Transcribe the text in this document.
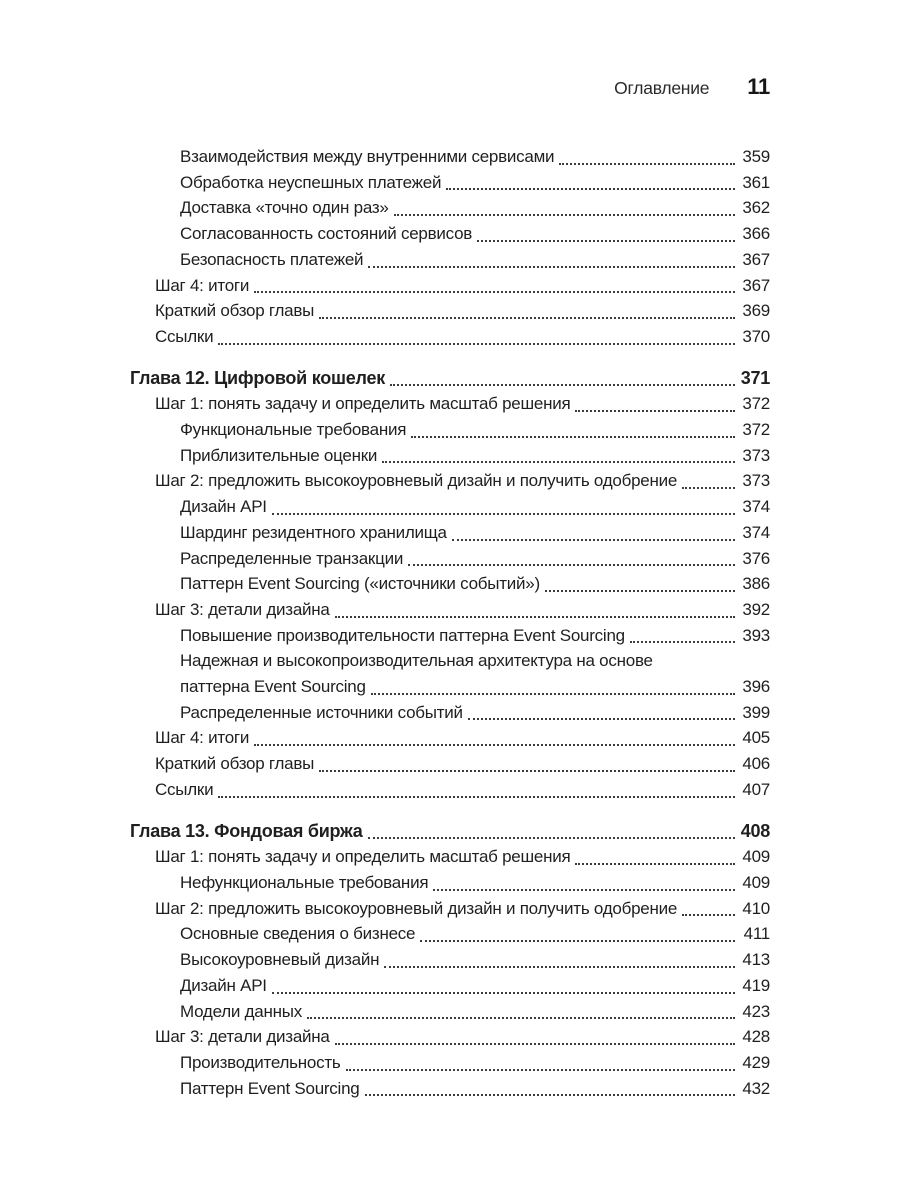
Оглавление 11
Взаимодействия между внутренними сервисами	359
Обработка неуспешных платежей	361
Доставка «точно один раз»	362
Согласованность состояний сервисов	366
Безопасность платежей	367
Шаг 4: итоги	367
Краткий обзор главы	369
Ссылки	370
Глава 12. Цифровой кошелек	371
Шаг 1: понять задачу и определить масштаб решения	372
Функциональные требования	372
Приблизительные оценки	373
Шаг 2: предложить высокоуровневый дизайн и получить одобрение	373
Дизайн API	374
Шардинг резидентного хранилища	374
Распределенные транзакции	376
Паттерн Event Sourcing («источники событий»)	386
Шаг 3: детали дизайна	392
Повышение производительности паттерна Event Sourcing	393
Надежная и высокопроизводительная архитектура на основе
паттерна Event Sourcing	396
Распределенные источники событий	399
Шаг 4: итоги	405
Краткий обзор главы	406
Ссылки	407
Глава 13. Фондовая биржа	408
Шаг 1: понять задачу и определить масштаб решения	409
Нефункциональные требования	409
Шаг 2: предложить высокоуровневый дизайн и получить одобрение	410
Основные сведения о бизнесе	411
Высокоуровневый дизайн	413
Дизайн API	419
Модели данных	423
Шаг 3: детали дизайна	428
Производительность	429
Паттерн Event Sourcing	432
